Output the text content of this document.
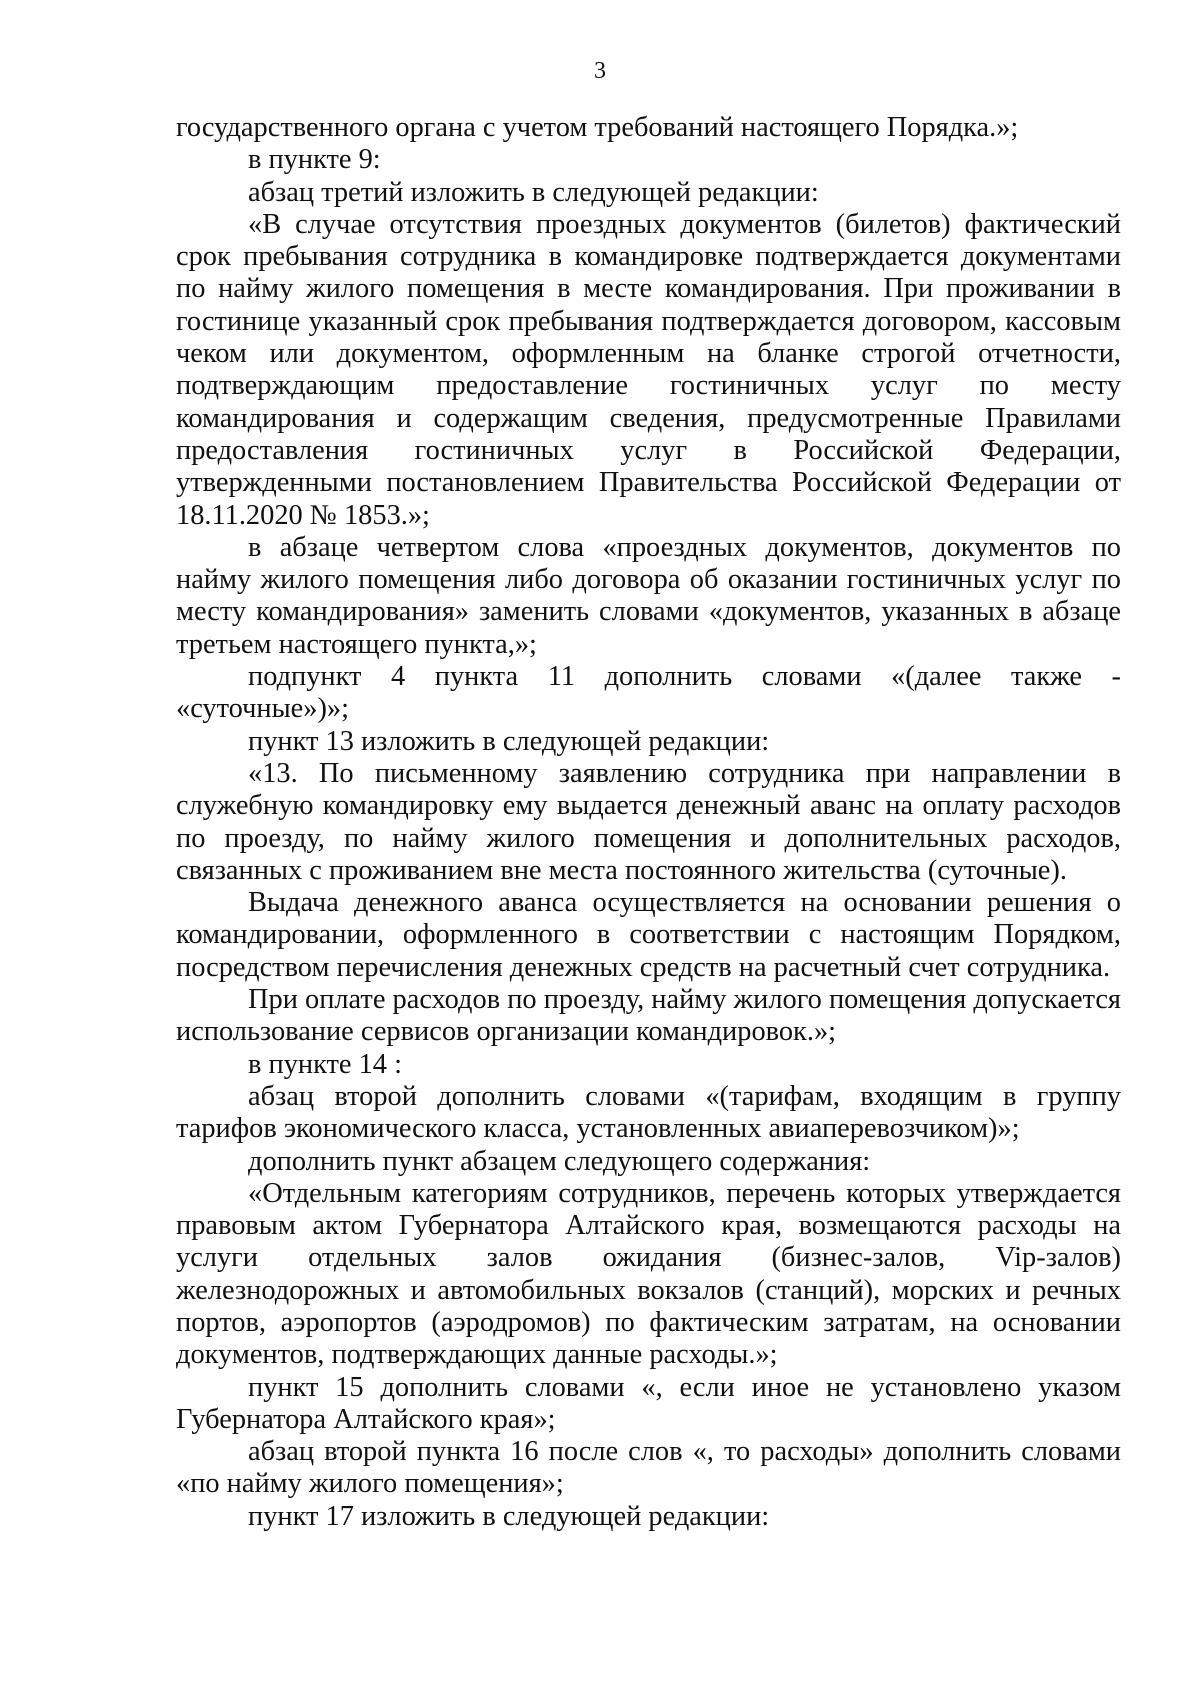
3

государственного органа с учетом требований настоящего Порядка.»;

в пункте 9:

абзац третий изложить в следующей редакции:

«В случае отсутствия проездных документов (билетов) фактический срок пребывания сотрудника в командировке подтверждается документами по найму жилого помещения в месте командирования. При проживании в гостинице указанный срок пребывания подтверждается договором, кассовым чеком или документом, оформленным на бланке строгой отчетности, подтверждающим предоставление гостиничных услуг по месту командирования и содержащим сведения, предусмотренные Правилами предоставления гостиничных услуг в Российской Федерации, утвержденными постановлением Правительства Российской Федерации от 18.11.2020 № 1853.»;

в абзаце четвертом слова «проездных документов, документов по найму жилого помещения либо договора об оказании гостиничных услуг по месту командирования» заменить словами «документов, указанных в абзаце третьем настоящего пункта,»;

подпункт 4 пункта 11 дополнить словами «(далее также - «суточные»)»;

пункт 13 изложить в следующей редакции:

«13. По письменному заявлению сотрудника при направлении в служебную командировку ему выдается денежный аванс на оплату расходов по проезду, по найму жилого помещения и дополнительных расходов, связанных с проживанием вне места постоянного жительства (суточные).

Выдача денежного аванса осуществляется на основании решения о командировании, оформленного в соответствии с настоящим Порядком, посредством перечисления денежных средств на расчетный счет сотрудника.

При оплате расходов по проезду, найму жилого помещения допускается использование сервисов организации командировок.»;

в пункте 14 :

абзац второй дополнить словами «(тарифам, входящим в группу тарифов экономического класса, установленных авиаперевозчиком)»;

дополнить пункт абзацем следующего содержания:

«Отдельным категориям сотрудников, перечень которых утверждается правовым актом Губернатора Алтайского края, возмещаются расходы на услуги отдельных залов ожидания (бизнес-залов, Vip-залов) железнодорожных и автомобильных вокзалов (станций), морских и речных портов, аэропортов (аэродромов) по фактическим затратам, на основании документов, подтверждающих данные расходы.»;

пункт 15 дополнить словами «, если иное не установлено указом Губернатора Алтайского края»;

абзац второй пункта 16 после слов «, то расходы» дополнить словами «по найму жилого помещения»;

пункт 17 изложить в следующей редакции:
